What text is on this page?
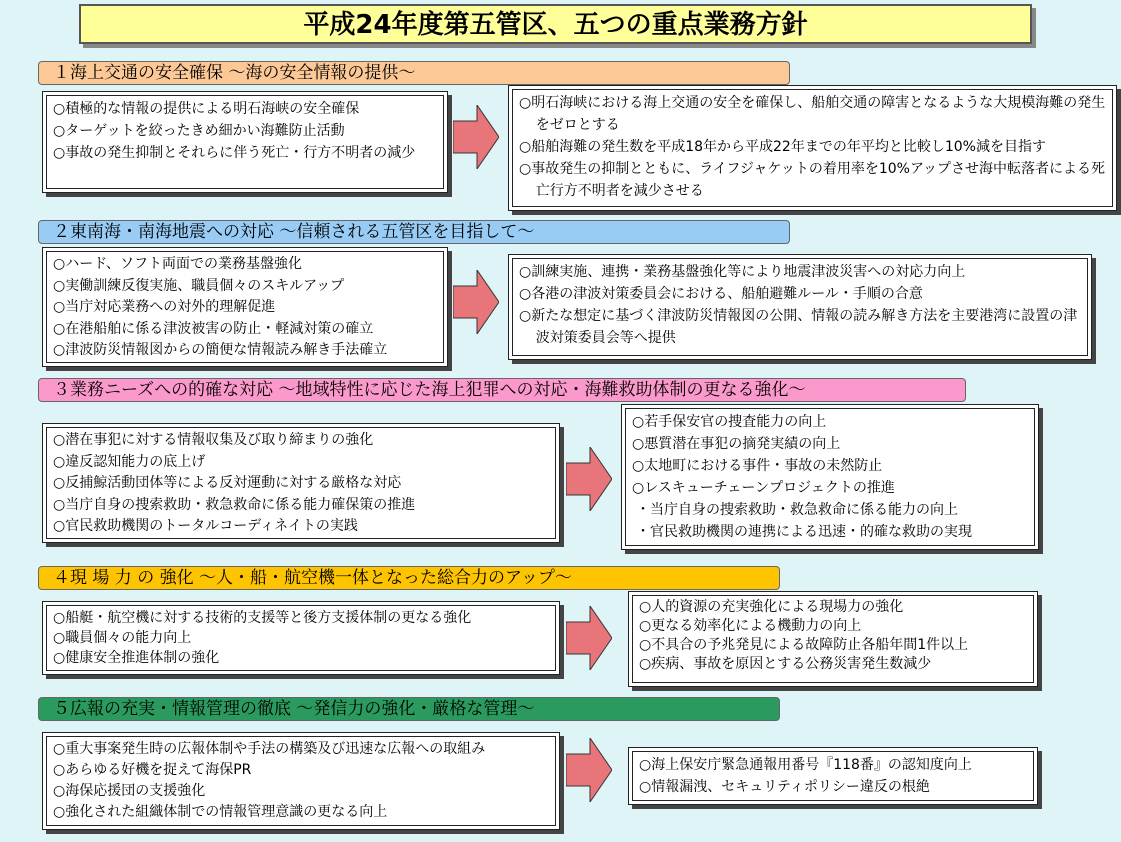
平成24年度第五管区、五つの重点業務方針
１海上交通の安全確保 ～海の安全情報の提供～
○積極的な情報の提供による明石海峡の安全確保
○ターゲットを絞ったきめ細かい海難防止活動
○事故の発生抑制とそれらに伴う死亡・行方不明者の減少
○明石海峡における海上交通の安全を確保し、船舶交通の障害となるような大規模海難の発生をゼロとする
○船舶海難の発生数を平成18年から平成22年までの年平均と比較し10%減を目指す
○事故発生の抑制とともに、ライフジャケットの着用率を10%アップさせ海中転落者による死亡行方不明者を減少させる
２東南海・南海地震への対応 ～信頼される五管区を目指して～
○ハード、ソフト両面での業務基盤強化
○実働訓練反復実施、職員個々のスキルアップ
○当庁対応業務への対外的理解促進
○在港船舶に係る津波被害の防止・軽減対策の確立
○津波防災情報図からの簡便な情報読み解き手法確立
○訓練実施、連携・業務基盤強化等により地震津波災害への対応力向上
○各港の津波対策委員会における、船舶避難ルール・手順の合意
○新たな想定に基づく津波防災情報図の公開、情報の読み解き方法を主要港湾に設置の津波対策委員会等へ提供
３業務ニーズへの的確な対応 ～地域特性に応じた海上犯罪への対応・海難救助体制の更なる強化～
○潜在事犯に対する情報収集及び取り締まりの強化
○違反認知能力の底上げ
○反捕鯨活動団体等による反対運動に対する厳格な対応
○当庁自身の捜索救助・救急救命に係る能力確保策の推進
○官民救助機関のトータルコーディネイトの実践
○若手保安官の捜査能力の向上
○悪質潜在事犯の摘発実績の向上
○太地町における事件・事故の未然防止
○レスキューチェーンプロジェクトの推進
・当庁自身の捜索救助・救急救命に係る能力の向上
・官民救助機関の連携による迅速・的確な救助の実現
４現 場 力 の 強化 ～人・船・航空機一体となった総合力のアップ～
○船艇・航空機に対する技術的支援等と後方支援体制の更なる強化
○職員個々の能力向上
○健康安全推進体制の強化
○人的資源の充実強化による現場力の強化
○更なる効率化による機動力の向上
○不具合の予兆発見による故障防止各船年間1件以上
○疾病、事故を原因とする公務災害発生数減少
５広報の充実・情報管理の徹底 ～発信力の強化・厳格な管理～
○重大事案発生時の広報体制や手法の構築及び迅速な広報への取組み
○あらゆる好機を捉えて海保PR
○海保応援団の支援強化
○強化された組織体制での情報管理意識の更なる向上
○海上保安庁緊急通報用番号『118番』の認知度向上
○情報漏洩、セキュリティポリシー違反の根絶
